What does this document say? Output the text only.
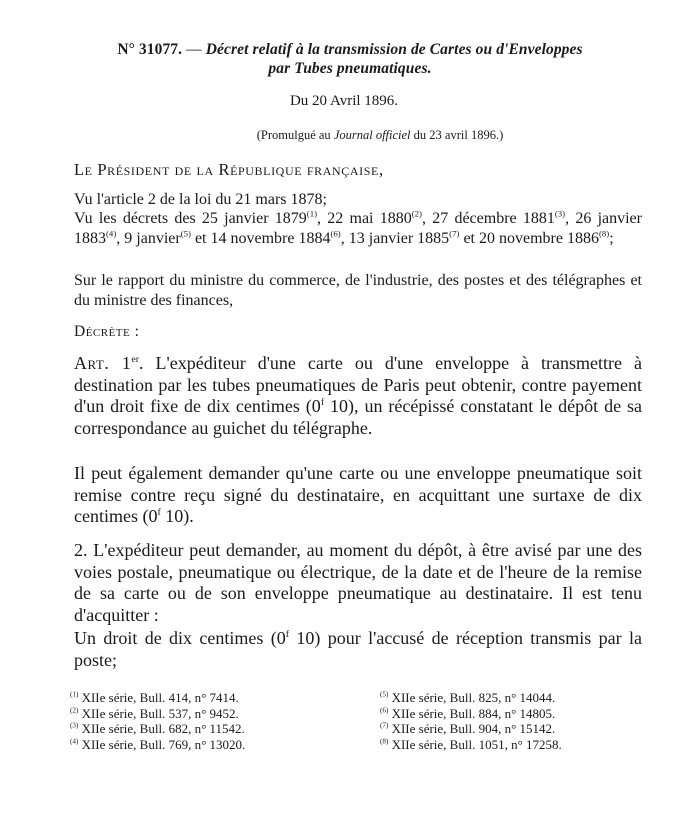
N° 31077. — Décret relatif à la transmission de Cartes ou d'Enveloppes
par Tubes pneumatiques.
Du 20 Avril 1896.
(Promulgué au Journal officiel du 23 avril 1896.)
Le Président de la République française,
Vu l'article 2 de la loi du 21 mars 1878;
Vu les décrets des 25 janvier 1879$^{(1)}$, 22 mai 1880$^{(2)}$, 27 décembre 1881$^{(3)}$, 26 janvier 1883$^{(4)}$, 9 janvier$^{(5)}$ et 14 novembre 1884$^{(6)}$, 13 janvier 1885$^{(7)}$ et 20 novembre 1886$^{(8)}$;
Sur le rapport du ministre du commerce, de l'industrie, des postes et des télégraphes et du ministre des finances,
Décrète :
Art. 1er. L'expéditeur d'une carte ou d'une enveloppe à transmettre à destination par les tubes pneumatiques de Paris peut obtenir, contre payement d'un droit fixe de dix centimes (0$^f$ 10), un récépissé constatant le dépôt de sa correspondance au guichet du télégraphe.
Il peut également demander qu'une carte ou une enveloppe pneumatique soit remise contre reçu signé du destinataire, en acquittant une surtaxe de dix centimes (0$^f$ 10).
2. L'expéditeur peut demander, au moment du dépôt, à être avisé par une des voies postale, pneumatique ou électrique, de la date et de l'heure de la remise de sa carte ou de son enveloppe pneumatique au destinataire. Il est tenu d'acquitter :
Un droit de dix centimes (0$^f$ 10) pour l'accusé de réception transmis par la poste;
$^{(1)}$ XIIe série, Bull. 414, n° 7414.
$^{(2)}$ XIIe série, Bull. 537, n° 9452.
$^{(3)}$ XIIe série, Bull. 682, n° 11542.
$^{(4)}$ XIIe série, Bull. 769, n° 13020.
$^{(5)}$ XIIe série, Bull. 825, n° 14044.
$^{(6)}$ XIIe série, Bull. 884, n° 14805.
$^{(7)}$ XIIe série, Bull. 904, n° 15142.
$^{(8)}$ XIIe série, Bull. 1051, n° 17258.
